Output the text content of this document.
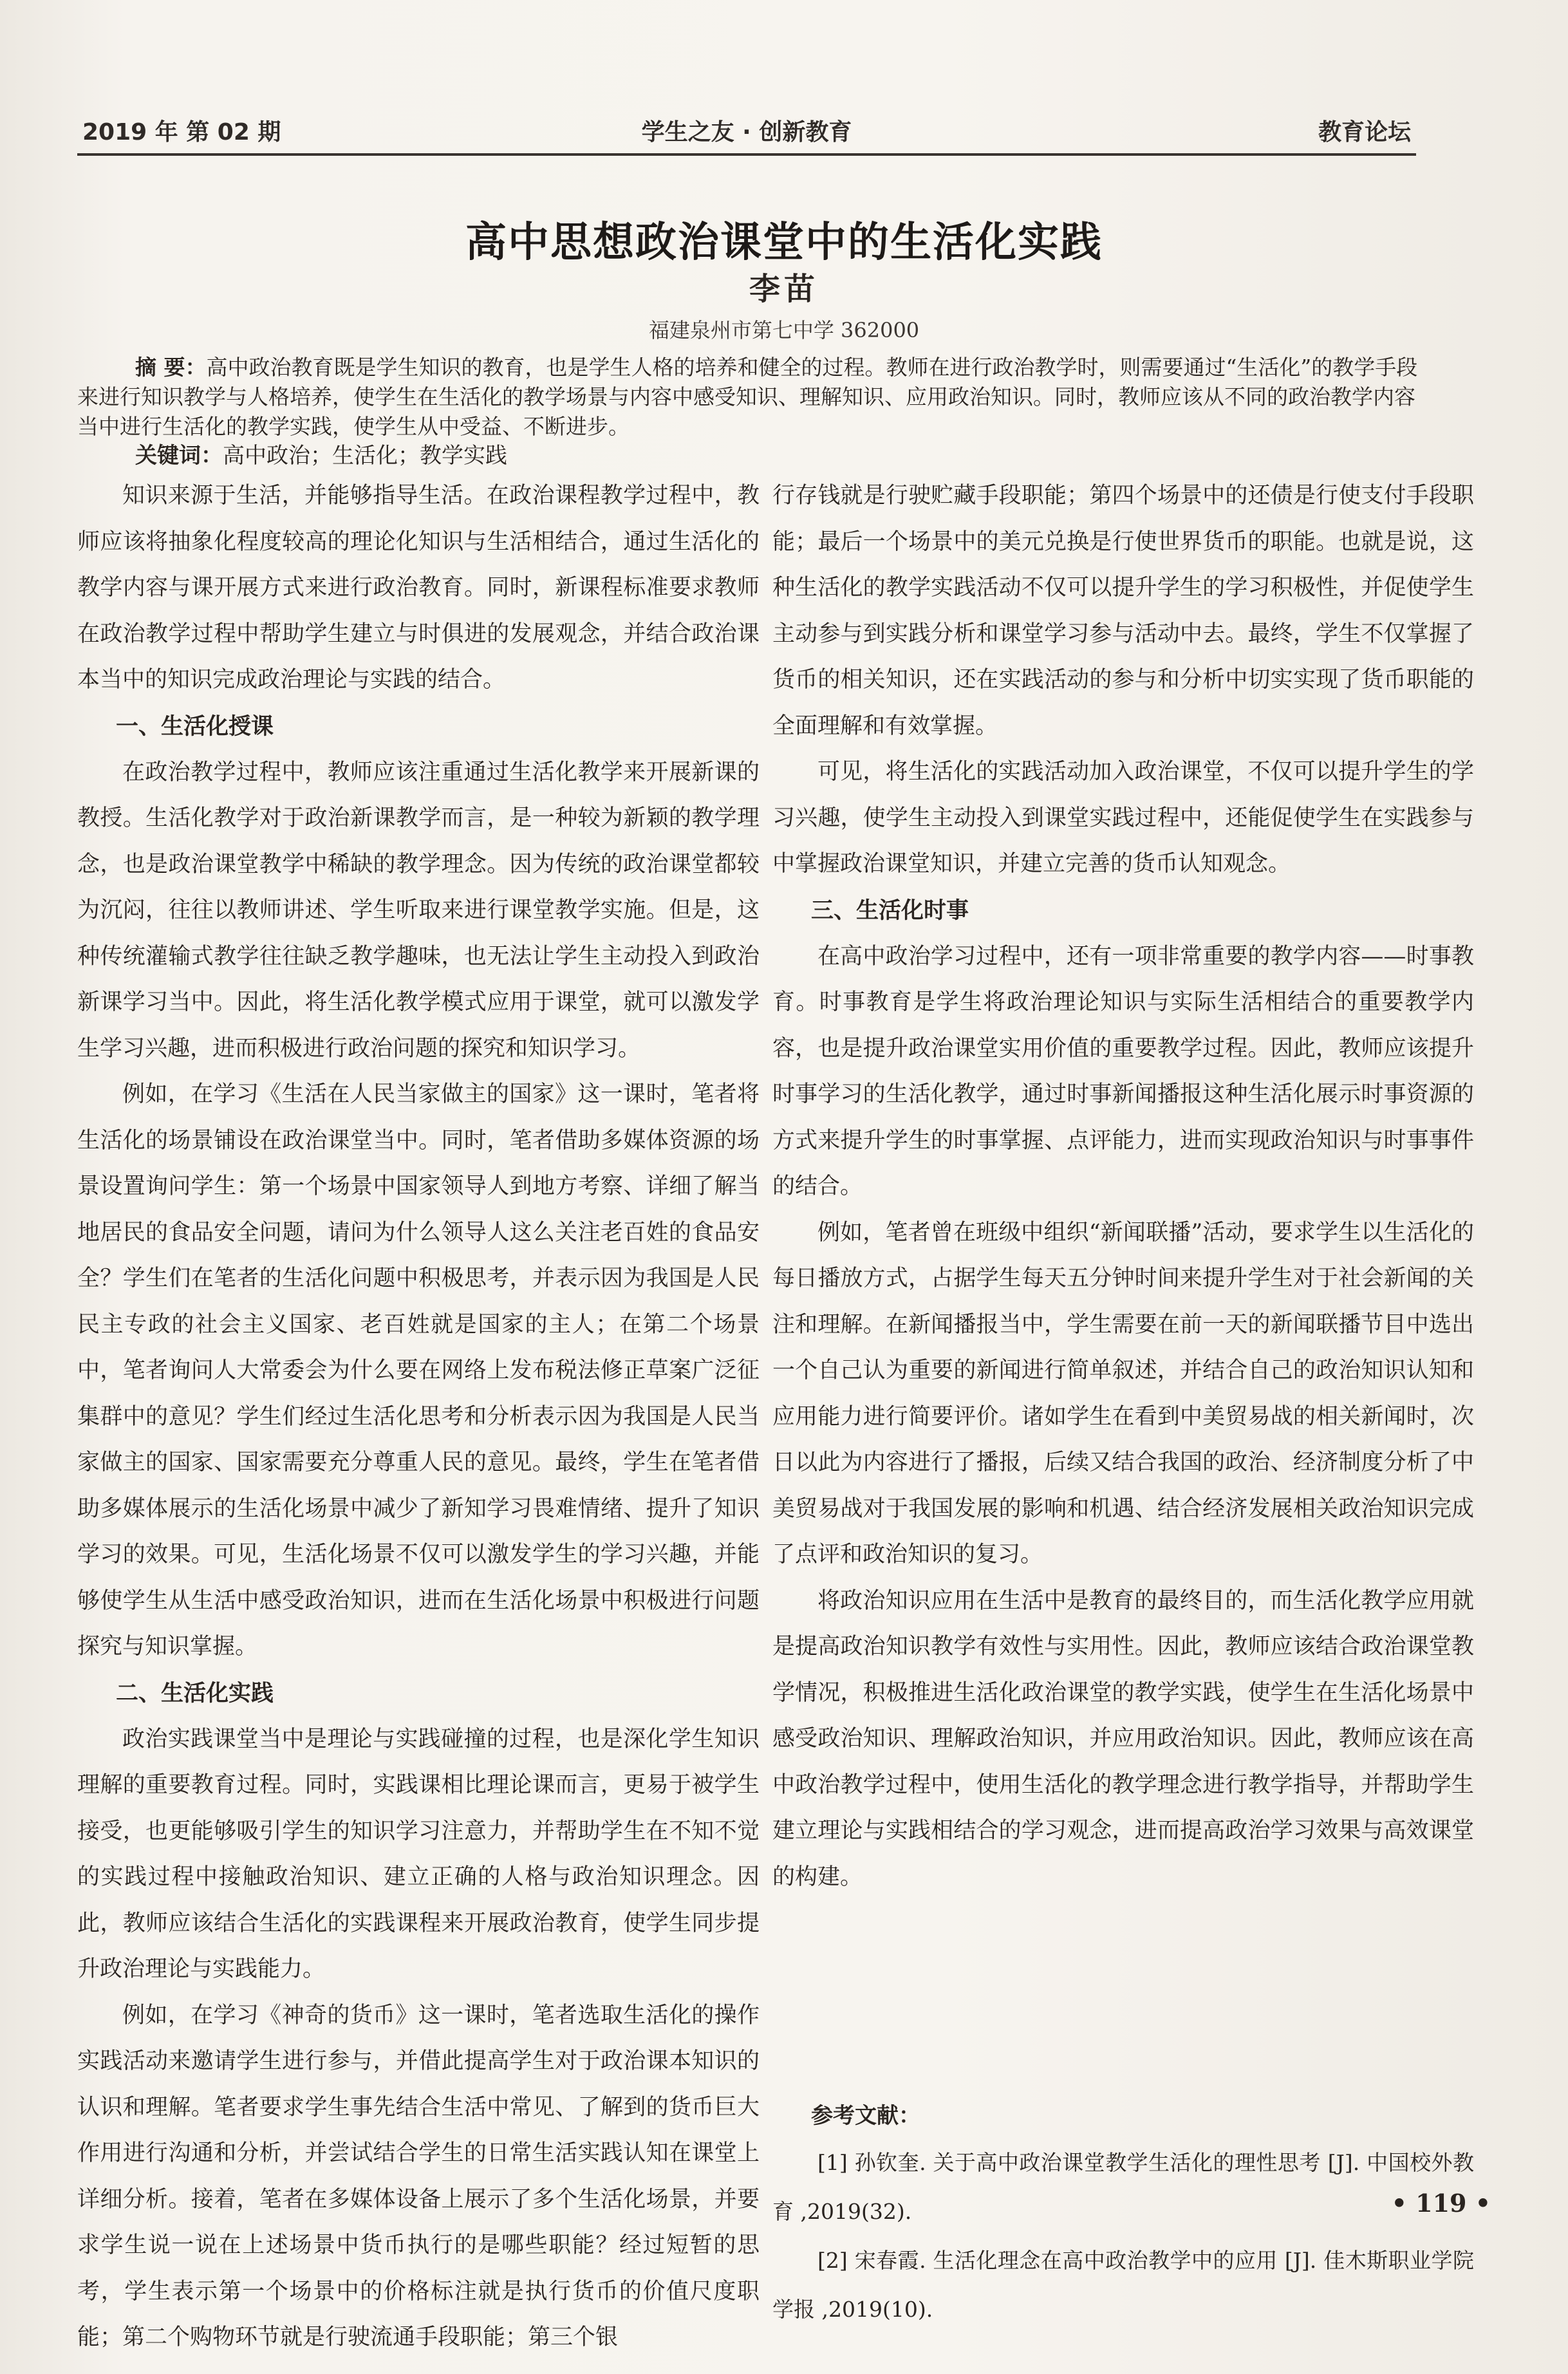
2019 年 第 02 期	学生之友 · 创新教育	教育论坛
高中思想政治课堂中的生活化实践
李苗
福建泉州市第七中学 362000
摘 要：高中政治教育既是学生知识的教育，也是学生人格的培养和健全的过程。教师在进行政治教学时，则需要通过“生活化”的教学手段来进行知识教学与人格培养，使学生在生活化的教学场景与内容中感受知识、理解知识、应用政治知识。同时，教师应该从不同的政治教学内容当中进行生活化的教学实践，使学生从中受益、不断进步。
关键词：高中政治；生活化；教学实践

知识来源于生活，并能够指导生活。在政治课程教学过程中，教师应该将抽象化程度较高的理论化知识与生活相结合，通过生活化的教学内容与课开展方式来进行政治教育。同时，新课程标准要求教师在政治教学过程中帮助学生建立与时俱进的发展观念，并结合政治课本当中的知识完成政治理论与实践的结合。

一、生活化授课

在政治教学过程中，教师应该注重通过生活化教学来开展新课的教授。生活化教学对于政治新课教学而言，是一种较为新颖的教学理念，也是政治课堂教学中稀缺的教学理念。因为传统的政治课堂都较为沉闷，往往以教师讲述、学生听取来进行课堂教学实施。但是，这种传统灌输式教学往往缺乏教学趣味，也无法让学生主动投入到政治新课学习当中。因此，将生活化教学模式应用于课堂，就可以激发学生学习兴趣，进而积极进行政治问题的探究和知识学习。

例如，在学习《生活在人民当家做主的国家》这一课时，笔者将生活化的场景铺设在政治课堂当中。同时，笔者借助多媒体资源的场景设置询问学生：第一个场景中国家领导人到地方考察、详细了解当地居民的食品安全问题，请问为什么领导人这么关注老百姓的食品安全？学生们在笔者的生活化问题中积极思考，并表示因为我国是人民民主专政的社会主义国家、老百姓就是国家的主人；在第二个场景中，笔者询问人大常委会为什么要在网络上发布税法修正草案广泛征集群中的意见？学生们经过生活化思考和分析表示因为我国是人民当家做主的国家、国家需要充分尊重人民的意见。最终，学生在笔者借助多媒体展示的生活化场景中减少了新知学习畏难情绪、提升了知识学习的效果。可见，生活化场景不仅可以激发学生的学习兴趣，并能够使学生从生活中感受政治知识，进而在生活化场景中积极进行问题探究与知识掌握。

二、生活化实践

政治实践课堂当中是理论与实践碰撞的过程，也是深化学生知识理解的重要教育过程。同时，实践课相比理论课而言，更易于被学生接受，也更能够吸引学生的知识学习注意力，并帮助学生在不知不觉的实践过程中接触政治知识、建立正确的人格与政治知识理念。因此，教师应该结合生活化的实践课程来开展政治教育，使学生同步提升政治理论与实践能力。

例如，在学习《神奇的货币》这一课时，笔者选取生活化的操作实践活动来邀请学生进行参与，并借此提高学生对于政治课本知识的认识和理解。笔者要求学生事先结合生活中常见、了解到的货币巨大作用进行沟通和分析，并尝试结合学生的日常生活实践认知在课堂上详细分析。接着，笔者在多媒体设备上展示了多个生活化场景，并要求学生说一说在上述场景中货币执行的是哪些职能？经过短暂的思考，学生表示第一个场景中的价格标注就是执行货币的价值尺度职能；第二个购物环节就是行驶流通手段职能；第三个银

行存钱就是行驶贮藏手段职能；第四个场景中的还债是行使支付手段职能；最后一个场景中的美元兑换是行使世界货币的职能。也就是说，这种生活化的教学实践活动不仅可以提升学生的学习积极性，并促使学生主动参与到实践分析和课堂学习参与活动中去。最终，学生不仅掌握了货币的相关知识，还在实践活动的参与和分析中切实实现了货币职能的全面理解和有效掌握。

可见，将生活化的实践活动加入政治课堂，不仅可以提升学生的学习兴趣，使学生主动投入到课堂实践过程中，还能促使学生在实践参与中掌握政治课堂知识，并建立完善的货币认知观念。

三、生活化时事

在高中政治学习过程中，还有一项非常重要的教学内容——时事教育。时事教育是学生将政治理论知识与实际生活相结合的重要教学内容，也是提升政治课堂实用价值的重要教学过程。因此，教师应该提升时事学习的生活化教学，通过时事新闻播报这种生活化展示时事资源的方式来提升学生的时事掌握、点评能力，进而实现政治知识与时事事件的结合。

例如，笔者曾在班级中组织“新闻联播”活动，要求学生以生活化的每日播放方式，占据学生每天五分钟时间来提升学生对于社会新闻的关注和理解。在新闻播报当中，学生需要在前一天的新闻联播节目中选出一个自己认为重要的新闻进行简单叙述，并结合自己的政治知识认知和应用能力进行简要评价。诸如学生在看到中美贸易战的相关新闻时，次日以此为内容进行了播报，后续又结合我国的政治、经济制度分析了中美贸易战对于我国发展的影响和机遇、结合经济发展相关政治知识完成了点评和政治知识的复习。

将政治知识应用在生活中是教育的最终目的，而生活化教学应用就是提高政治知识教学有效性与实用性。因此，教师应该结合政治课堂教学情况，积极推进生活化政治课堂的教学实践，使学生在生活化场景中感受政治知识、理解政治知识，并应用政治知识。因此，教师应该在高中政治教学过程中，使用生活化的教学理念进行教学指导，并帮助学生建立理论与实践相结合的学习观念，进而提高政治学习效果与高效课堂的构建。

参考文献：

[1] 孙钦奎. 关于高中政治课堂教学生活化的理性思考 [J]. 中国校外教育 ,2019(32).

[2] 宋春霞. 生活化理念在高中政治教学中的应用 [J]. 佳木斯职业学院学报 ,2019(10).

• 119 •
